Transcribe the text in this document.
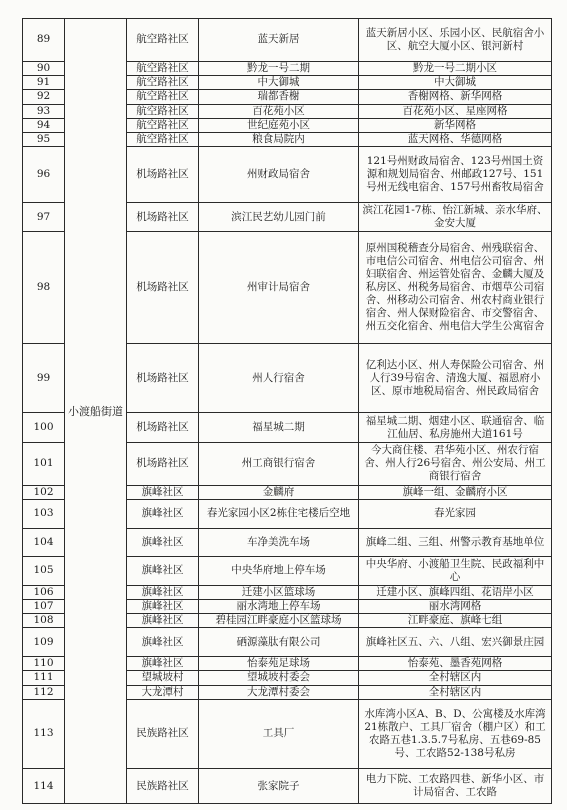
89	小渡船街道	航空路社区	蓝天新居	蓝天新居小区、乐园小区、民航宿舍小区、航空大厦小区、银河新村
90		航空路社区	黔龙一号二期	黔龙一号二期小区
91		航空路社区	中大御城	中大御城
92		航空路社区	瑞都香榭	香榭网格、新华网格
93		航空路社区	百花苑小区	百花苑小区、星座网格
94		航空路社区	世纪庭苑小区	新华网格
95		航空路社区	粮食局院内	蓝天网格、华德网格
96		机场路社区	州财政局宿舍	121号州财政局宿舍、123号州国土资源和规划局宿舍、州邮政127号、151号州无线电宿舍、157号州畜牧局宿舍
97		机场路社区	滨江民艺幼儿园门前	滨江花园1-7栋、怡江新城、亲水华府、金安大厦
98		机场路社区	州审计局宿舍	原州国税稽查分局宿舍、州残联宿舍、市电信公司宿舍、州电信公司宿舍、州妇联宿舍、州运管处宿舍、金麟大厦及私房区、州税务局宿舍、市烟草公司宿舍、州移动公司宿舍、州农村商业银行宿舍、州人保财险宿舍、市交警宿舍、州五交化宿舍、州电信大学生公寓宿舍
99		机场路社区	州人行宿舍	亿利达小区、州人寿保险公司宿舍、州人行39号宿舍、清逸大厦、福恩府小区、原市地税局宿舍、州民政局宿舍
100		机场路社区	福星城二期	福星城二期、烟建小区、联通宿舍、临江仙居、私房施州大道161号
101		机场路社区	州工商银行宿舍	今大商住楼、君华苑小区、州农行宿舍、州人行26号宿舍、州公安局、州工商银行宿舍
102		旗峰社区	金麟府	旗峰一组、金麟府小区
103		旗峰社区	春光家园小区2栋住宅楼后空地	春光家园
104		旗峰社区	车净美洗车场	旗峰二组、三组、州警示教育基地单位
105		旗峰社区	中央华府地上停车场	中央华府、小渡船卫生院、民政福利中心
106		旗峰社区	迁建小区篮球场	迁建小区、旗峰四组、花语岸小区
107		旗峰社区	丽水湾地上停车场	丽水湾网格
108		旗峰社区	碧桂园江畔豪庭小区篮球场	江畔豪庭、旗峰七组
109		旗峰社区	硒源藻肽有限公司	旗峰社区五、六、八组、宏兴御景庄园
110		旗峰社区	怡泰苑足球场	怡泰苑、墨香苑网格
111		望城坡村	望城坡村委会	全村辖区内
112		大龙潭村	大龙潭村委会	全村辖区内
113		民族路社区	工具厂	水库湾小区A、B、D、公寓楼及水库湾21栋散户、工具厂宿舍（棚户区）和工农路五巷1.3.5.7号私房、五巷69-85号、工农路52-138号私房
114		民族路社区	张家院子	电力下院、工农路四巷、新华小区、市计局宿舍、工农路
